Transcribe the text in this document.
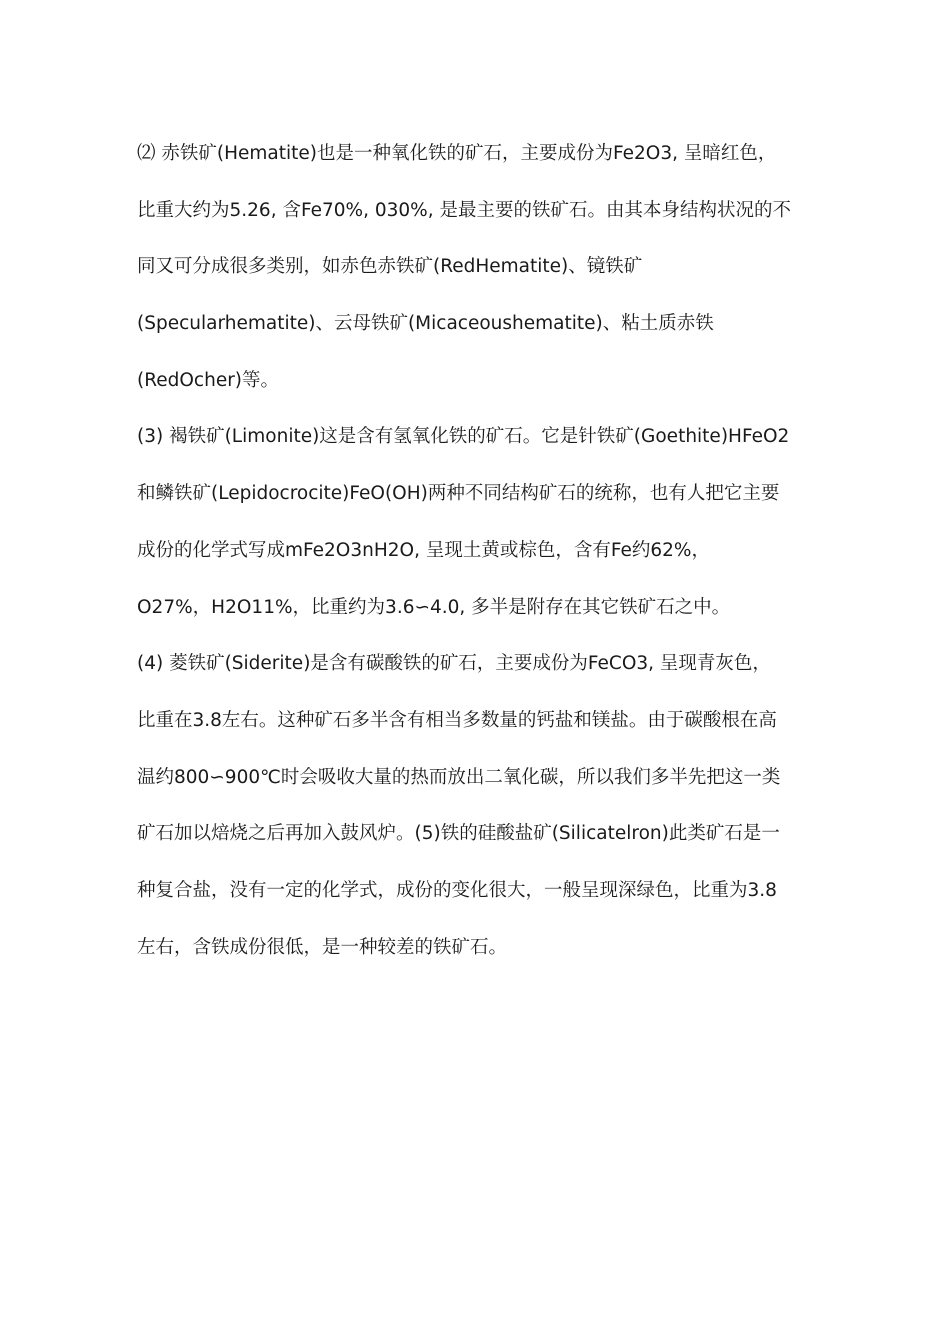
⑵ 赤铁矿(Hematite)也是一种氧化铁的矿石，主要成份为Fe2O3, 呈暗红色，
比重大约为5.26, 含Fe70%, 030%, 是最主要的铁矿石。由其本身结构状况的不
同又可分成很多类别，如赤色赤铁矿(RedHematite)、镜铁矿
(Specularhematite)、云母铁矿(Micaceoushematite)、粘土质赤铁
(RedOcher)等。
(3) 褐铁矿(Limonite)这是含有氢氧化铁的矿石。它是针铁矿(Goethite)HFeO2
和鳞铁矿(Lepidocrocite)FeO(OH)两种不同结构矿石的统称，也有人把它主要
成份的化学式写成mFe2O3nH2O, 呈现土黄或棕色，含有Fe约62%，
O27%，H2O11%，比重约为3.6∽4.0, 多半是附存在其它铁矿石之中。
(4) 菱铁矿(Siderite)是含有碳酸铁的矿石，主要成份为FeCO3, 呈现青灰色，
比重在3.8左右。这种矿石多半含有相当多数量的钙盐和镁盐。由于碳酸根在高
温约800∽900℃时会吸收大量的热而放出二氧化碳，所以我们多半先把这一类
矿石加以焙烧之后再加入鼓风炉。(5)铁的硅酸盐矿(Silicatelron)此类矿石是一
种复合盐，没有一定的化学式，成份的变化很大，一般呈现深绿色，比重为3.8
左右，含铁成份很低，是一种较差的铁矿石。
